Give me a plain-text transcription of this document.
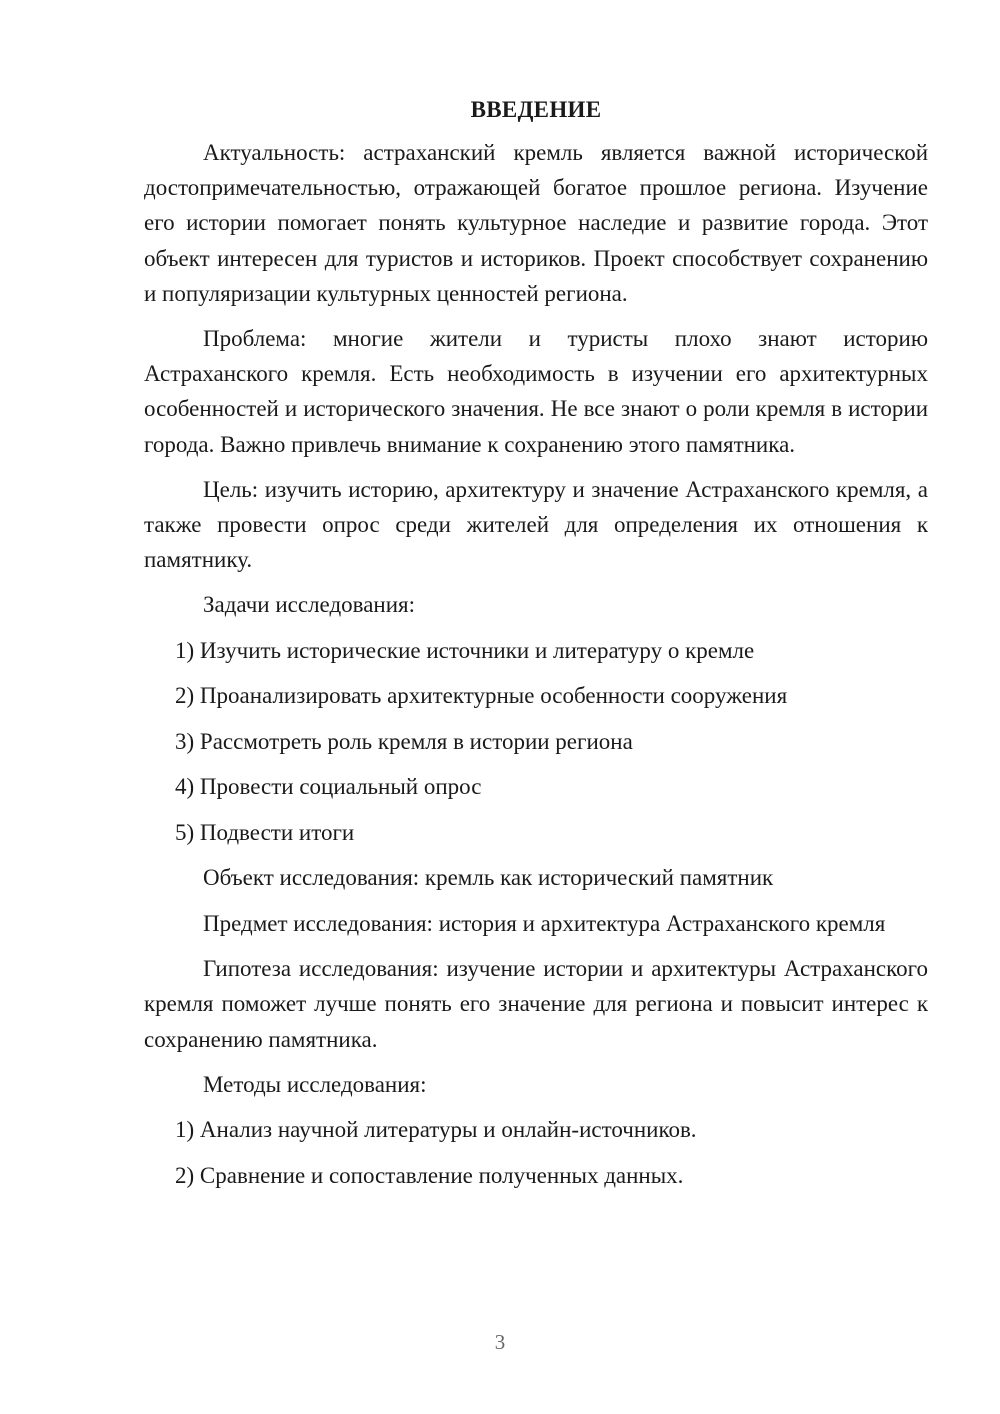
ВВЕДЕНИЕ

Актуальность: астраханский кремль является важной исторической достопримечательностью, отражающей богатое прошлое региона. Изучение его истории помогает понять культурное наследие и развитие города. Этот объект интересен для туристов и историков. Проект способствует сохранению и популяризации культурных ценностей региона.

Проблема: многие жители и туристы плохо знают историю Астраханского кремля. Есть необходимость в изучении его архитектурных особенностей и исторического значения. Не все знают о роли кремля в истории города. Важно привлечь внимание к сохранению этого памятника.

Цель: изучить историю, архитектуру и значение Астраханского кремля, а также провести опрос среди жителей для определения их отношения к памятнику.

Задачи исследования:

1) Изучить исторические источники и литературу о кремле
2) Проанализировать архитектурные особенности сооружения
3) Рассмотреть роль кремля в истории региона
4) Провести социальный опрос
5) Подвести итоги

Объект исследования: кремль как исторический памятник

Предмет исследования: история и архитектура Астраханского кремля

Гипотеза исследования: изучение истории и архитектуры Астраханского кремля поможет лучше понять его значение для региона и повысит интерес к сохранению памятника.

Методы исследования:

1) Анализ научной литературы и онлайн-источников.
2) Сравнение и сопоставление полученных данных.
3
